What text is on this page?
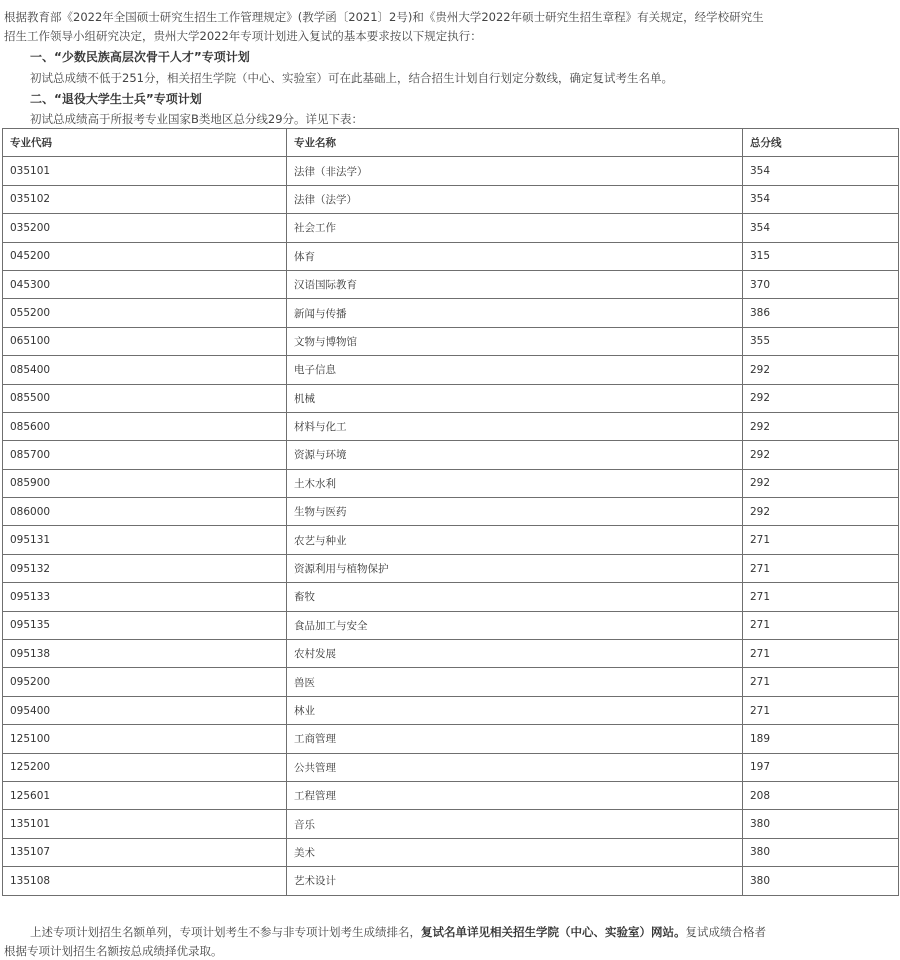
根据教育部《2022年全国硕士研究生招生工作管理规定》(教学函〔2021〕2号)和《贵州大学2022年硕士研究生招生章程》有关规定，经学校研究生
招生工作领导小组研究决定，贵州大学2022年专项计划进入复试的基本要求按以下规定执行：
一、“少数民族高层次骨干人才”专项计划
初试总成绩不低于251分，相关招生学院（中心、实验室）可在此基础上，结合招生计划自行划定分数线，确定复试考生名单。
二、“退役大学生士兵”专项计划
初试总成绩高于所报考专业国家B类地区总分线29分。详见下表：
专业代码	专业名称	总分线
035101	法律（非法学）	354
035102	法律（法学）	354
035200	社会工作	354
045200	体育	315
045300	汉语国际教育	370
055200	新闻与传播	386
065100	文物与博物馆	355
085400	电子信息	292
085500	机械	292
085600	材料与化工	292
085700	资源与环境	292
085900	土木水利	292
086000	生物与医药	292
095131	农艺与种业	271
095132	资源利用与植物保护	271
095133	畜牧	271
095135	食品加工与安全	271
095138	农村发展	271
095200	兽医	271
095400	林业	271
125100	工商管理	189
125200	公共管理	197
125601	工程管理	208
135101	音乐	380
135107	美术	380
135108	艺术设计	380
上述专项计划招生名额单列，专项计划考生不参与非专项计划考生成绩排名，复试名单详见相关招生学院（中心、实验室）网站。复试成绩合格者
根据专项计划招生名额按总成绩择优录取。
